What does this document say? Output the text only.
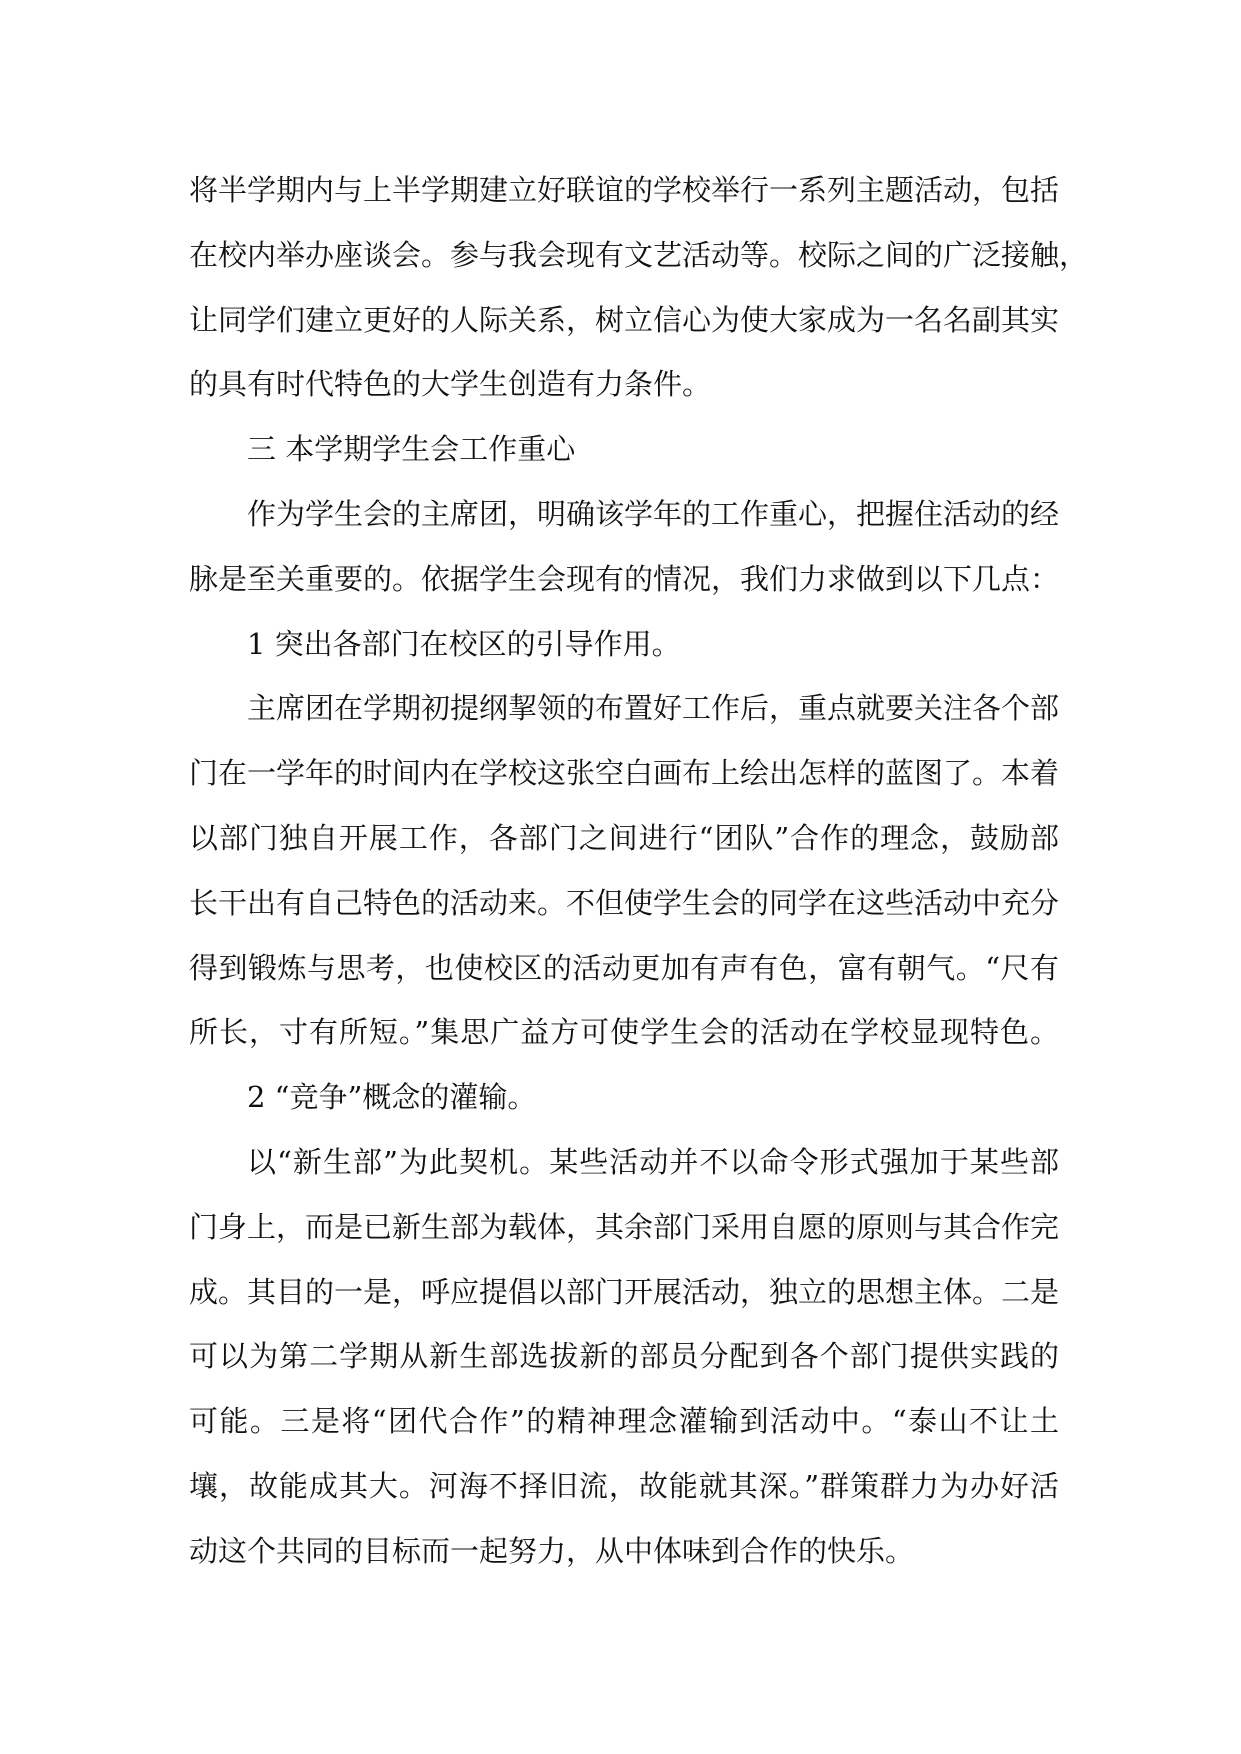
将半学期内与上半学期建立好联谊的学校举行一系列主题活动，包括
在校内举办座谈会。参与我会现有文艺活动等。校际之间的广泛接触，
让同学们建立更好的人际关系，树立信心为使大家成为一名名副其实
的具有时代特色的大学生创造有力条件。
三 本学期学生会工作重心
作为学生会的主席团，明确该学年的工作重心，把握住活动的经
脉是至关重要的。依据学生会现有的情况，我们力求做到以下几点：
1 突出各部门在校区的引导作用。
主席团在学期初提纲挈领的布置好工作后，重点就要关注各个部
门在一学年的时间内在学校这张空白画布上绘出怎样的蓝图了。本着
以部门独自开展工作，各部门之间进行“团队”合作的理念，鼓励部
长干出有自己特色的活动来。不但使学生会的同学在这些活动中充分
得到锻炼与思考，也使校区的活动更加有声有色，富有朝气。“尺有
所长，寸有所短。”集思广益方可使学生会的活动在学校显现特色。
2 “竞争”概念的灌输。
以“新生部”为此契机。某些活动并不以命令形式强加于某些部
门身上，而是已新生部为载体，其余部门采用自愿的原则与其合作完
成。其目的一是，呼应提倡以部门开展活动，独立的思想主体。二是
可以为第二学期从新生部选拔新的部员分配到各个部门提供实践的
可能。三是将“团代合作”的精神理念灌输到活动中。“泰山不让土
壤，故能成其大。河海不择旧流，故能就其深。”群策群力为办好活
动这个共同的目标而一起努力，从中体味到合作的快乐。
